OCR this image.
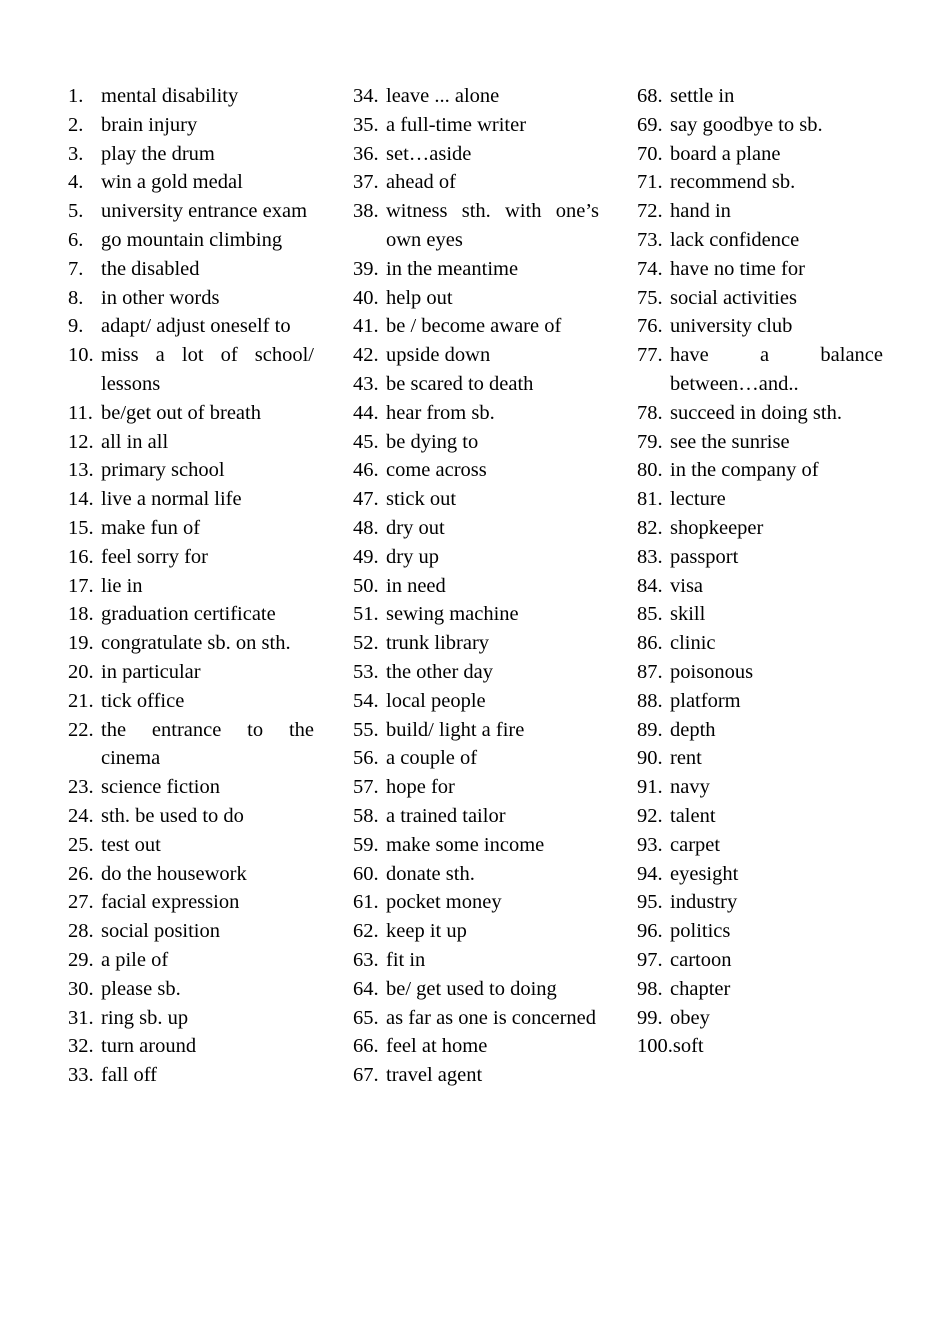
1. mental disability
2. brain injury
3. play the drum
4. win a gold medal
5. university entrance exam
6. go mountain climbing
7. the disabled
8. in other words
9. adapt/ adjust oneself to
10. miss a lot of school/ lessons
11. be/get out of breath
12. all in all
13. primary school
14. live a normal life
15. make fun of
16. feel sorry for
17. lie in
18. graduation certificate
19. congratulate sb. on sth.
20. in particular
21. tick office
22. the entrance to the cinema
23. science fiction
24. sth. be used to do
25. test out
26. do the housework
27. facial expression
28. social position
29. a pile of
30. please sb.
31. ring sb. up
32. turn around
33. fall off
34. leave ... alone
35. a full-time writer
36. set…aside
37. ahead of
38. witness sth. with one’s own eyes
39. in the meantime
40. help out
41. be / become aware of
42. upside down
43. be scared to death
44. hear from sb.
45. be dying to
46. come across
47. stick out
48. dry out
49. dry up
50. in need
51. sewing machine
52. trunk library
53. the other day
54. local people
55. build/ light a fire
56. a couple of
57. hope for
58. a trained tailor
59. make some income
60. donate sth.
61. pocket money
62. keep it up
63. fit in
64. be/ get used to doing
65. as far as one is concerned
66. feel at home
67. travel agent
68. settle in
69. say goodbye to sb.
70. board a plane
71. recommend sb.
72. hand in
73. lack confidence
74. have no time for
75. social activities
76. university club
77. have a balance between…and..
78. succeed in doing sth.
79. see the sunrise
80. in the company of
81. lecture
82. shopkeeper
83. passport
84. visa
85. skill
86. clinic
87. poisonous
88. platform
89. depth
90. rent
91. navy
92. talent
93. carpet
94. eyesight
95. industry
96. politics
97. cartoon
98. chapter
99. obey
100. soft
